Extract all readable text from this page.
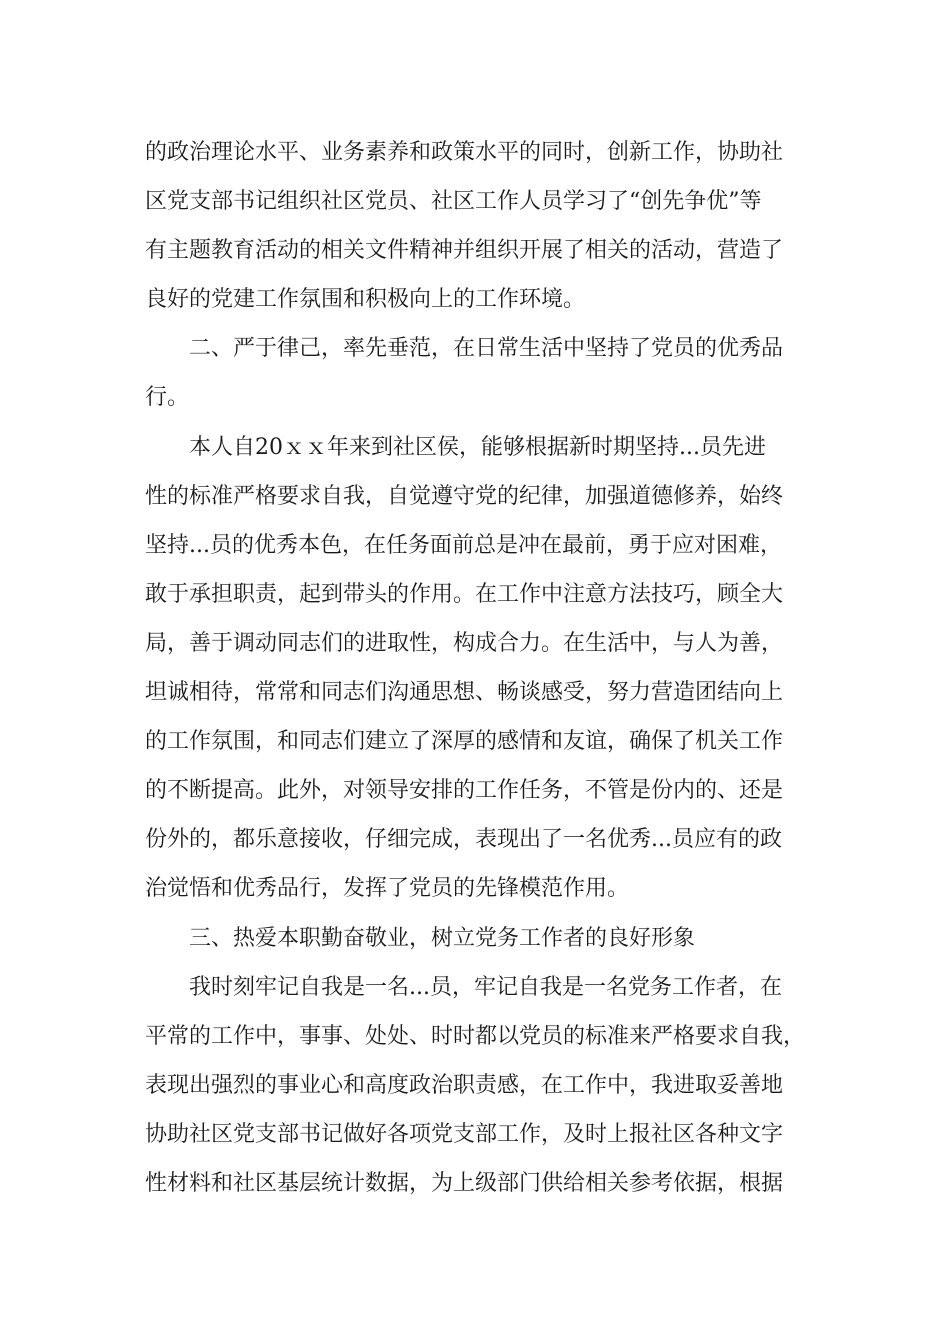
的政治理论水平、业务素养和政策水平的同时，创新工作，协助社
区党支部书记组织社区党员、社区工作人员学习了“创先争优”等
有主题教育活动的相关文件精神并组织开展了相关的活动，营造了
良好的党建工作氛围和积极向上的工作环境。
　　二、严于律己，率先垂范，在日常生活中坚持了党员的优秀品
行。
　　本人自20ｘｘ年来到社区侯，能够根据新时期坚持...员先进
性的标准严格要求自我，自觉遵守党的纪律，加强道德修养，始终
坚持...员的优秀本色，在任务面前总是冲在最前，勇于应对困难，
敢于承担职责，起到带头的作用。在工作中注意方法技巧，顾全大
局，善于调动同志们的进取性，构成合力。在生活中，与人为善，
坦诚相待，常常和同志们沟通思想、畅谈感受，努力营造团结向上
的工作氛围，和同志们建立了深厚的感情和友谊，确保了机关工作
的不断提高。此外，对领导安排的工作任务，不管是份内的、还是
份外的，都乐意接收，仔细完成，表现出了一名优秀...员应有的政
治觉悟和优秀品行，发挥了党员的先锋模范作用。
　　三、热爱本职勤奋敬业，树立党务工作者的良好形象
　　我时刻牢记自我是一名...员，牢记自我是一名党务工作者，在
平常的工作中，事事、处处、时时都以党员的标准来严格要求自我，
表现出强烈的事业心和高度政治职责感，在工作中，我进取妥善地
协助社区党支部书记做好各项党支部工作，及时上报社区各种文字
性材料和社区基层统计数据，为上级部门供给相关参考依据，根据
